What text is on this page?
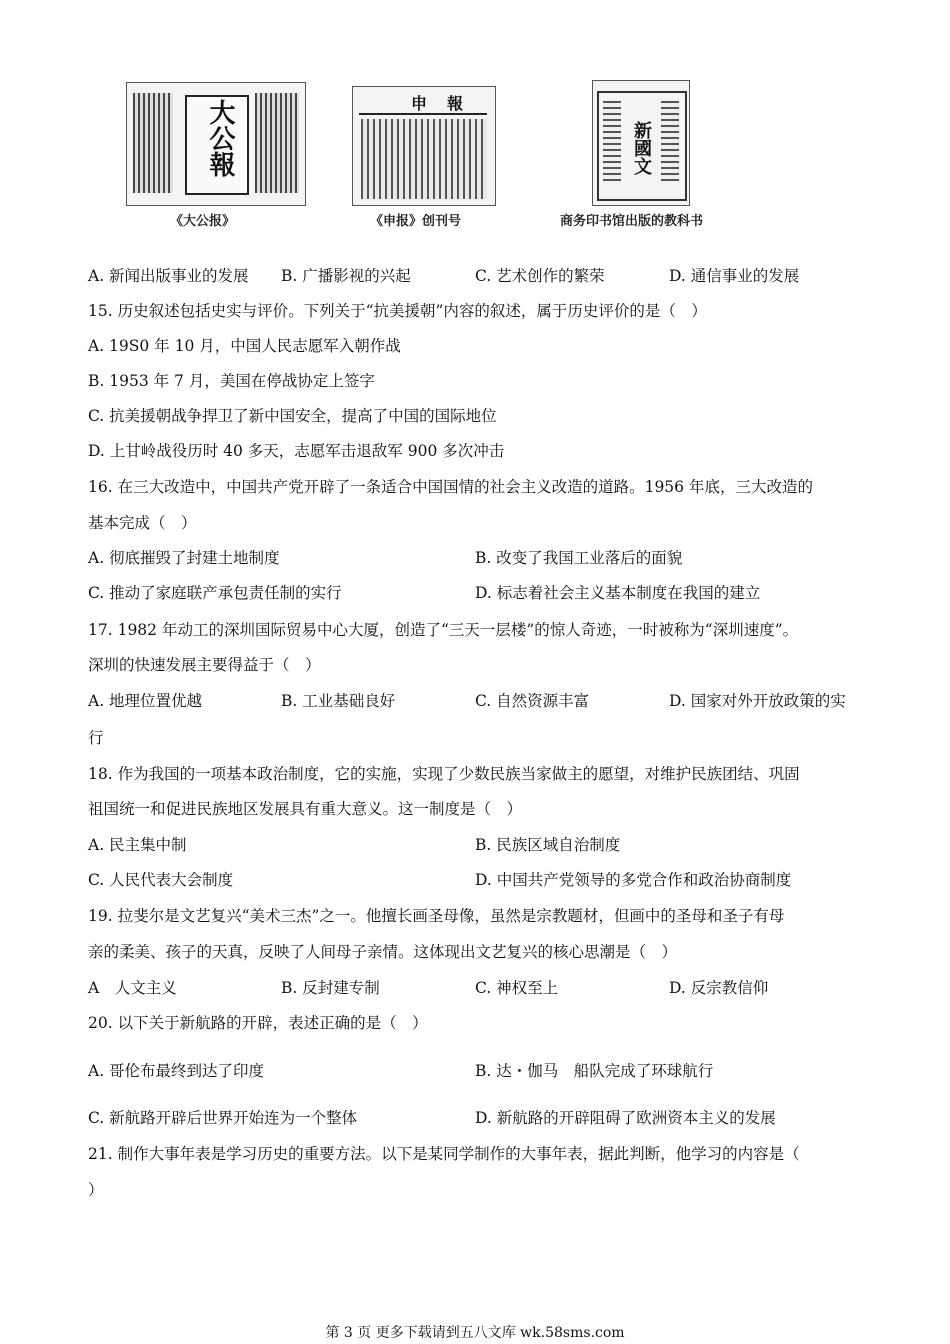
大公報
《大公报》
申報
《申报》创刊号
新國文
商务印书馆出版的教科书
A. 新闻出版事业的发展 B. 广播影视的兴起	C. 艺术创作的繁荣	D. 通信事业的发展
15. 历史叙述包括史实与评价。下列关于“抗美援朝”内容的叙述，属于历史评价的是（　）
A. 19S0 年 10 月，中国人民志愿军入朝作战
B. 1953 年 7 月，美国在停战协定上签字
C. 抗美援朝战争捍卫了新中国安全，提高了中国的国际地位
D. 上甘岭战役历时 40 多天，志愿军击退敌军 900 多次冲击
16. 在三大改造中，中国共产党开辟了一条适合中国国情的社会主义改造的道路。1956 年底，三大改造的
基本完成（　）
A. 彻底摧毁了封建土地制度	B. 改变了我国工业落后的面貌
C. 推动了家庭联产承包责任制的实行	D. 标志着社会主义基本制度在我国的建立
17. 1982 年动工的深圳国际贸易中心大厦，创造了“三天一层楼”的惊人奇迹，一时被称为“深圳速度”。
深圳的快速发展主要得益于（　）
A. 地理位置优越	B. 工业基础良好	C. 自然资源丰富	D. 国家对外开放政策的实
行
18. 作为我国的一项基本政治制度，它的实施，实现了少数民族当家做主的愿望，对维护民族团结、巩固
祖国统一和促进民族地区发展具有重大意义。这一制度是（　）
A. 民主集中制	B. 民族区域自治制度
C. 人民代表大会制度	D. 中国共产党领导的多党合作和政治协商制度
19. 拉斐尔是文艺复兴“美术三杰”之一。他擅长画圣母像，虽然是宗教题材，但画中的圣母和圣子有母
亲的柔美、孩子的天真，反映了人间母子亲情。这体现出文艺复兴的核心思潮是（　）
A　人文主义	B. 反封建专制	C. 神权至上	D. 反宗教信仰
20. 以下关于新航路的开辟，表述正确的是（　）
A. 哥伦布最终到达了印度	B. 达・伽马　船队完成了环球航行
C. 新航路开辟后世界开始连为一个整体	D. 新航路的开辟阻碍了欧洲资本主义的发展
21. 制作大事年表是学习历史的重要方法。以下是某同学制作的大事年表，据此判断，他学习的内容是（
）
第 3 页 更多下载请到五八文库 wk.58sms.com
